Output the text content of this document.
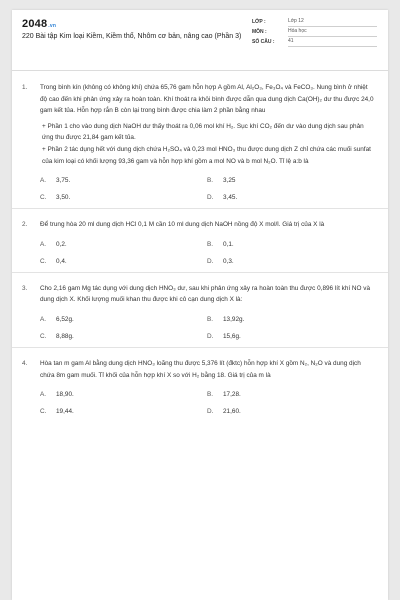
2048.vn
220 Bài tập Kim loại Kiềm, Kiềm thổ, Nhôm cơ bản, nâng cao (Phần 3)
LỚP :	Lớp 12
MÔN :	Hóa học
SỐ CÂU :	41
1. Trong bình kín (không có không khí) chứa 65,76 gam hỗn hợp A gồm Al, Al₂O₃, Fe₃O₄ và FeCO₃. Nung bình ở nhiệt độ cao đến khi phản ứng xảy ra hoàn toàn. Khí thoát ra khỏi bình được dẫn qua dung dịch Ca(OH)₂ dư thu được 24,0 gam kết tủa. Hỗn hợp rắn B còn lại trong bình được chia làm 2 phần bằng nhau

+ Phần 1 cho vào dung dịch NaOH dư thấy thoát ra 0,06 mol khí H₂. Sục khí CO₂ đến dư vào dung dịch sau phản ứng thu được 21,84 gam kết tủa.

+ Phần 2 tác dụng hết với dung dịch chứa H₂SO₄ và 0,23 mol HNO₃ thu được dung dịch Z chỉ chứa các muối sunfat của kim loại có khối lượng 93,36 gam và hỗn hợp khí gồm a mol NO và b mol N₂O. Tỉ lệ a:b là

A.	3,75.	B.	3,25
C.	3,50.	D.	3,45.
2. Để trung hòa 20 ml dung dịch HCl 0,1 M cần 10 ml dung dịch NaOH nồng độ X mol/l. Giá trị của X là

A.	0,2.	B.	0,1.
C.	0,4.	D.	0,3.
3. Cho 2,16 gam Mg tác dụng với dung dịch HNO₃ dư, sau khi phản ứng xảy ra hoàn toàn thu được 0,896 lít khí NO và dung dịch X. Khối lượng muối khan thu được khi cô cạn dung dịch X là:

A.	6,52g.	B.	13,92g.
C.	8,88g.	D.	15,6g.
4. Hòa tan m gam Al bằng dung dịch HNO₃ loãng thu được 5,376 lít (đktc) hỗn hợp khí X gồm N₂, N₂O và dung dịch chứa 8m gam muối. Tỉ khối của hỗn hợp khí X so với H₂ bằng 18. Giá trị của m là

A.	18,90.	B.	17,28.
C.	19,44.	D.	21,60.
